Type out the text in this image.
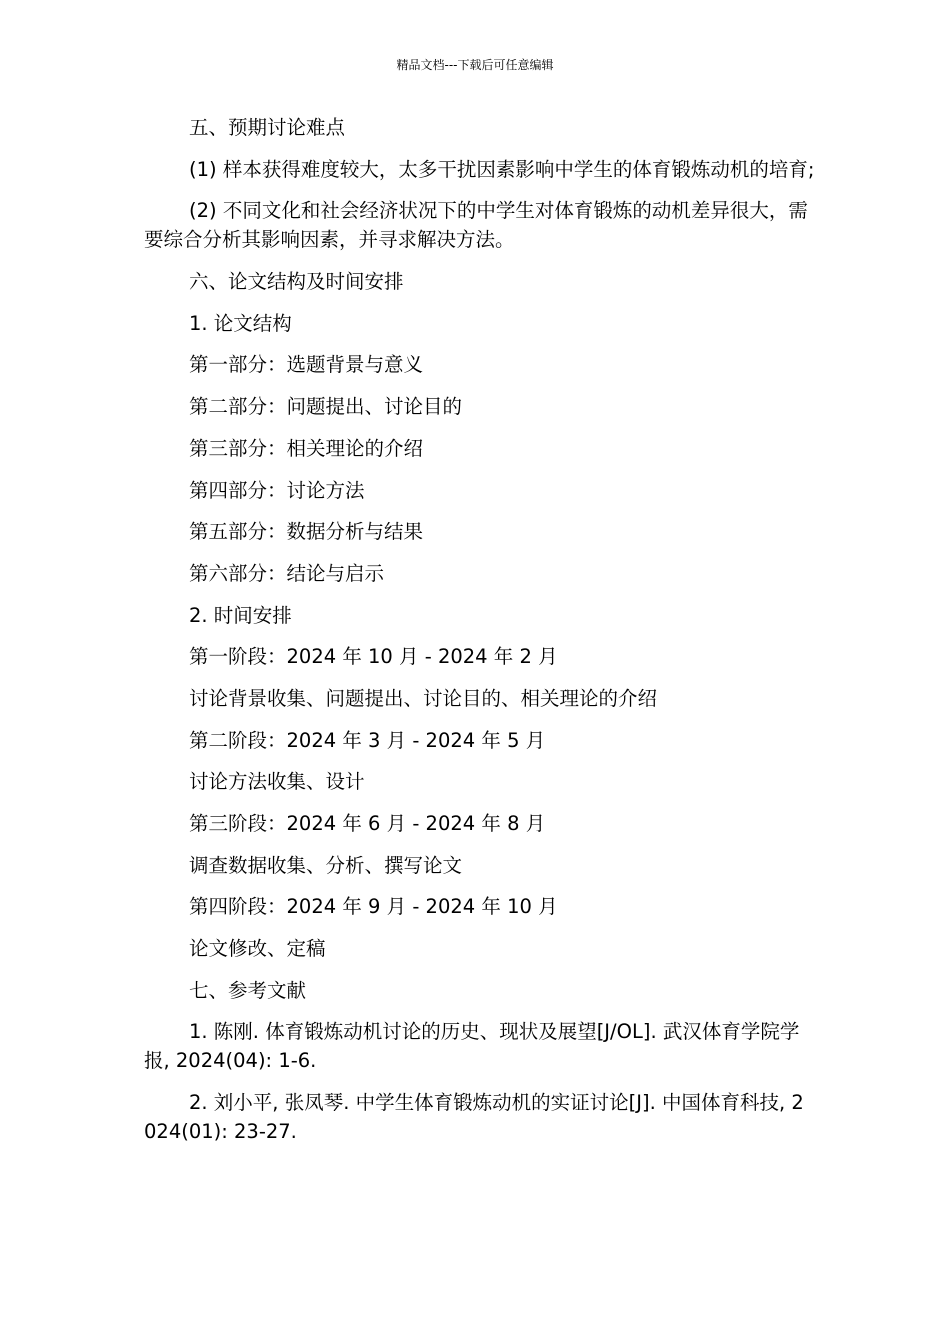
精品文档---下载后可任意编辑

五、预期讨论难点

(1) 样本获得难度较大，太多干扰因素影响中学生的体育锻炼动机的培育;

(2) 不同文化和社会经济状况下的中学生对体育锻炼的动机差异很大，需要综合分析其影响因素，并寻求解决方法。

六、论文结构及时间安排

1. 论文结构

第一部分：选题背景与意义

第二部分：问题提出、讨论目的

第三部分：相关理论的介绍

第四部分：讨论方法

第五部分：数据分析与结果

第六部分：结论与启示

2. 时间安排

第一阶段：2024 年 10 月 - 2024 年 2 月

讨论背景收集、问题提出、讨论目的、相关理论的介绍

第二阶段：2024 年 3 月 - 2024 年 5 月

讨论方法收集、设计

第三阶段：2024 年 6 月 - 2024 年 8 月

调查数据收集、分析、撰写论文

第四阶段：2024 年 9 月 - 2024 年 10 月

论文修改、定稿

七、参考文献

1. 陈刚. 体育锻炼动机讨论的历史、现状及展望[J/OL]. 武汉体育学院学报, 2024(04): 1-6.

2. 刘小平, 张凤琴. 中学生体育锻炼动机的实证讨论[J]. 中国体育科技, 2024(01): 23-27.
